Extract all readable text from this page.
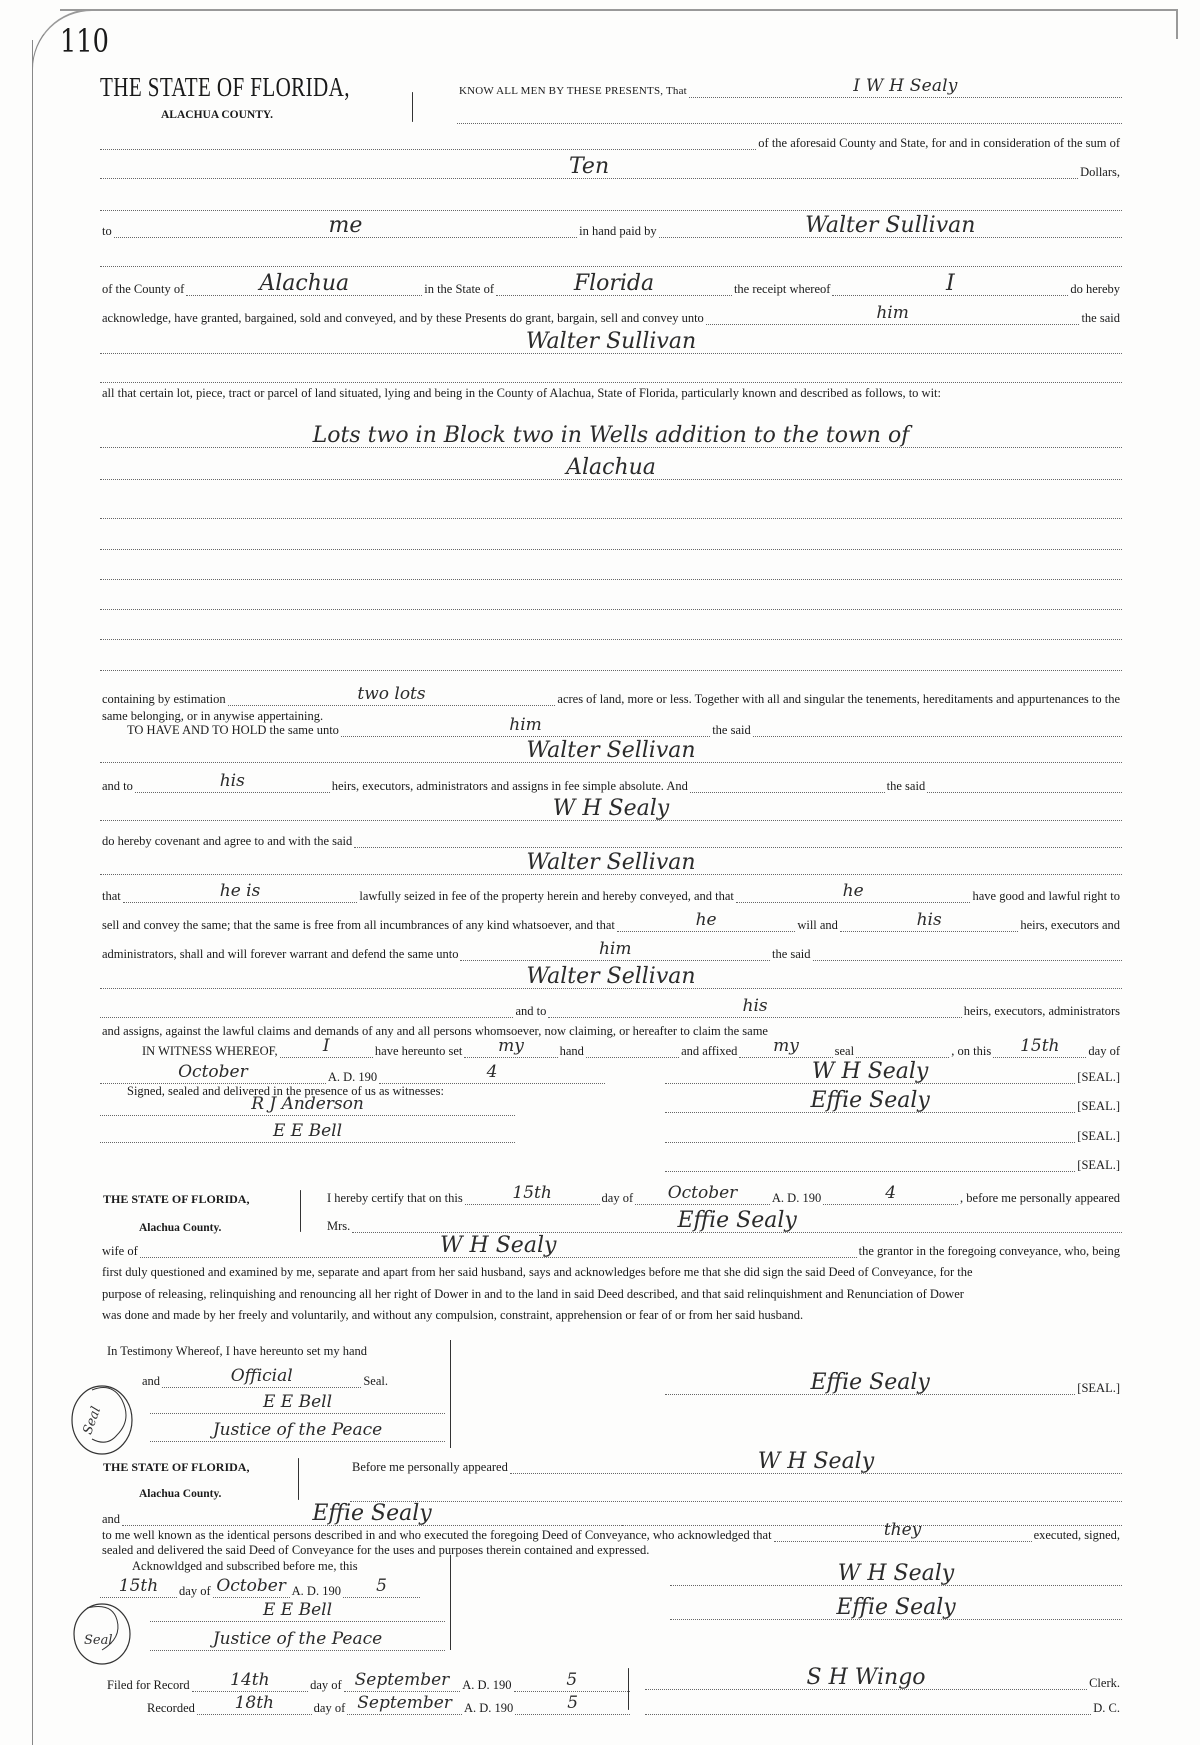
110
THE STATE OF FLORIDA,
ALACHUA COUNTY.
THE STATE OF FLORIDA,
Alachua County.
THE STATE OF FLORIDA,
Alachua County.
Seal
Seal
KNOW ALL MEN BY THESE PRESENTS, That	I W H Sealy
of the aforesaid County and State, for and in consideration of the sum of
Ten	Dollars,
to	me	in hand paid by	Walter Sullivan
of the County of	Alachua	in the State of	Florida	the receipt whereof	I	do hereby
acknowledge, have granted, bargained, sold and conveyed, and by these Presents do grant, bargain, sell and convey unto	him	the said
Walter Sullivan
all that certain lot, piece, tract or parcel of land situated, lying and being in the County of Alachua, State of Florida, particularly known and described as follows, to wit:
Lots two in Block two in Wells addition to the town of
Alachua
containing by estimation	two lots	acres of land, more or less. Together with all and singular the tenements, hereditaments and appurtenances to the
same belonging, or in anywise appertaining.
TO HAVE AND TO HOLD the same unto	him	the said
Walter Sellivan
and to	his	heirs, executors, administrators and assigns in fee simple absolute. And	the said
W H Sealy
do hereby covenant and agree to and with the said
Walter Sellivan
that	he is	lawfully seized in fee of the property herein and hereby conveyed, and that	he	have good and lawful right to
sell and convey the same; that the same is free from all incumbrances of any kind whatsoever, and that	he	will and	his	heirs, executors and
administrators, shall and will forever warrant and defend the same unto	him	the said
Walter Sellivan
and to	his	heirs, executors, administrators
and assigns, against the lawful claims and demands of any and all persons whomsoever, now claiming, or hereafter to claim the same
IN WITNESS WHEREOF,	I	have hereunto set	my	hand	and affixed	my	seal	, on this	15th	day of
October	A. D. 190	4
Signed, sealed and delivered in the presence of us as witnesses:
W H Sealy	[SEAL.]
Effie Sealy	[SEAL.]
[SEAL.]
[SEAL.]
R J Anderson
E E Bell
I hereby certify that on this	15th	day of	October	A. D. 190	4	, before me personally appeared
Mrs.	Effie Sealy
wife of	W H Sealy	the grantor in the foregoing conveyance, who, being
first duly questioned and examined by me, separate and apart from her said husband, says and acknowledges before me that she did sign the said Deed of Conveyance, for the
purpose of releasing, relinquishing and renouncing all her right of Dower in and to the land in said Deed described, and that said relinquishment and Renunciation of Dower
was done and made by her freely and voluntarily, and without any compulsion, constraint, apprehension or fear of or from her said husband.
In Testimony Whereof, I have hereunto set my hand
and	Official	Seal.
E E Bell
Justice of the Peace
Effie Sealy	[SEAL.]
Before me personally appeared	W H Sealy
and	Effie Sealy
to me well known as the identical persons described in and who executed the foregoing Deed of Conveyance, who acknowledged that	they	executed, signed,
sealed and delivered the said Deed of Conveyance for the uses and purposes therein contained and expressed.
Acknowldged and subscribed before me, this
15th	day of October A. D. 190	5
E E Bell
Justice of the Peace
W H Sealy
Effie Sealy
Filed for Record	14th	day of September	A. D. 190	5
Recorded	18th	day of September A. D. 190	5
S H Wingo	Clerk.
D. C.
